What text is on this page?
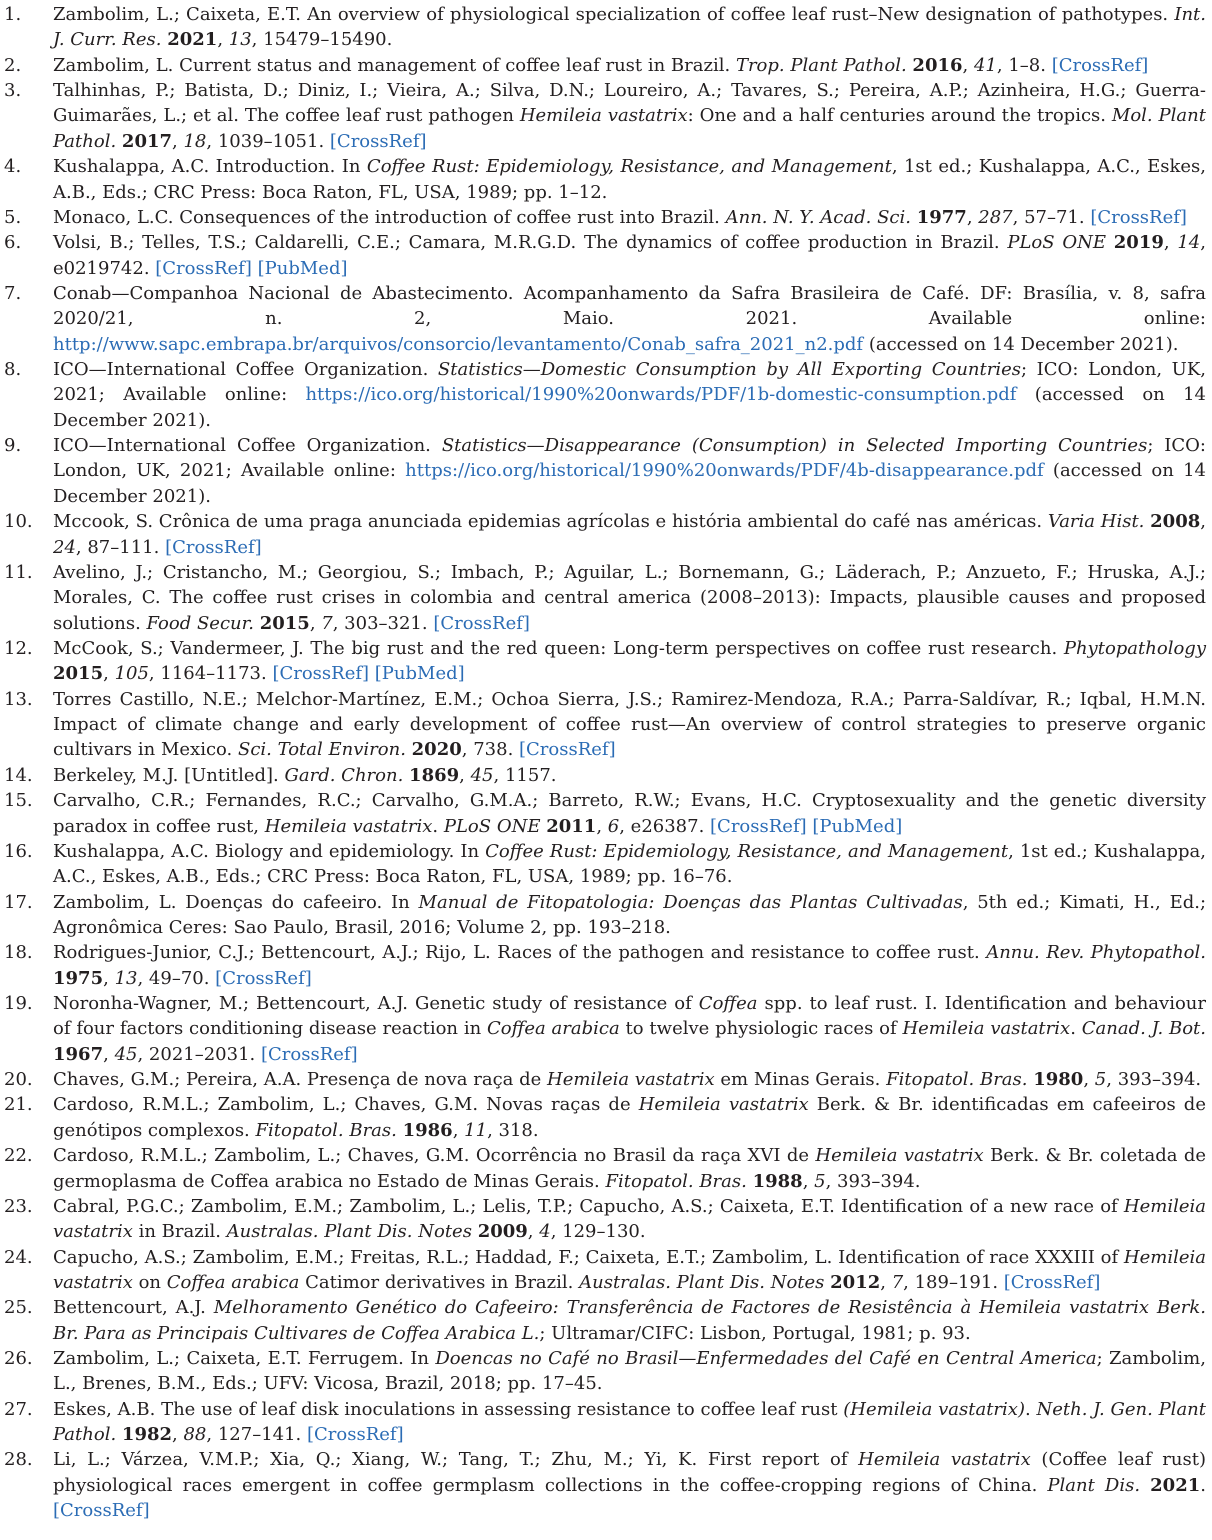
1.	Zambolim, L.; Caixeta, E.T. An overview of physiological specialization of coffee leaf rust–New designation of pathotypes. Int. J. Curr. Res. 2021, 13, 15479–15490.
2.	Zambolim, L. Current status and management of coffee leaf rust in Brazil. Trop. Plant Pathol. 2016, 41, 1–8. [CrossRef]
3.	Talhinhas, P.; Batista, D.; Diniz, I.; Vieira, A.; Silva, D.N.; Loureiro, A.; Tavares, S.; Pereira, A.P.; Azinheira, H.G.; Guerra-Guimarães, L.; et al. The coffee leaf rust pathogen Hemileia vastatrix: One and a half centuries around the tropics. Mol. Plant Pathol. 2017, 18, 1039–1051. [CrossRef]
4.	Kushalappa, A.C. Introduction. In Coffee Rust: Epidemiology, Resistance, and Management, 1st ed.; Kushalappa, A.C., Eskes, A.B., Eds.; CRC Press: Boca Raton, FL, USA, 1989; pp. 1–12.
5.	Monaco, L.C. Consequences of the introduction of coffee rust into Brazil. Ann. N. Y. Acad. Sci. 1977, 287, 57–71. [CrossRef]
6.	Volsi, B.; Telles, T.S.; Caldarelli, C.E.; Camara, M.R.G.D. The dynamics of coffee production in Brazil. PLoS ONE 2019, 14, e0219742. [CrossRef] [PubMed]
7.	Conab—Companhoa Nacional de Abastecimento. Acompanhamento da Safra Brasileira de Café. DF: Brasília, v. 8, safra 2020/21, n. 2, Maio. 2021. Available online: http://www.sapc.embrapa.br/arquivos/consorcio/levantamento/Conab_safra_2021_n2.pdf (accessed on 14 December 2021).
8.	ICO—International Coffee Organization. Statistics—Domestic Consumption by All Exporting Countries; ICO: London, UK, 2021; Available online: https://ico.org/historical/1990%20onwards/PDF/1b-domestic-consumption.pdf (accessed on 14 December 2021).
9.	ICO—International Coffee Organization. Statistics—Disappearance (Consumption) in Selected Importing Countries; ICO: London, UK, 2021; Available online: https://ico.org/historical/1990%20onwards/PDF/4b-disappearance.pdf (accessed on 14 December 2021).
10.	Mccook, S. Crônica de uma praga anunciada epidemias agrícolas e história ambiental do café nas américas. Varia Hist. 2008, 24, 87–111. [CrossRef]
11.	Avelino, J.; Cristancho, M.; Georgiou, S.; Imbach, P.; Aguilar, L.; Bornemann, G.; Läderach, P.; Anzueto, F.; Hruska, A.J.; Morales, C. The coffee rust crises in colombia and central america (2008–2013): Impacts, plausible causes and proposed solutions. Food Secur. 2015, 7, 303–321. [CrossRef]
12.	McCook, S.; Vandermeer, J. The big rust and the red queen: Long-term perspectives on coffee rust research. Phytopathology 2015, 105, 1164–1173. [CrossRef] [PubMed]
13.	Torres Castillo, N.E.; Melchor-Martínez, E.M.; Ochoa Sierra, J.S.; Ramirez-Mendoza, R.A.; Parra-Saldívar, R.; Iqbal, H.M.N. Impact of climate change and early development of coffee rust—An overview of control strategies to preserve organic cultivars in Mexico. Sci. Total Environ. 2020, 738. [CrossRef]
14.	Berkeley, M.J. [Untitled]. Gard. Chron. 1869, 45, 1157.
15.	Carvalho, C.R.; Fernandes, R.C.; Carvalho, G.M.A.; Barreto, R.W.; Evans, H.C. Cryptosexuality and the genetic diversity paradox in coffee rust, Hemileia vastatrix. PLoS ONE 2011, 6, e26387. [CrossRef] [PubMed]
16.	Kushalappa, A.C. Biology and epidemiology. In Coffee Rust: Epidemiology, Resistance, and Management, 1st ed.; Kushalappa, A.C., Eskes, A.B., Eds.; CRC Press: Boca Raton, FL, USA, 1989; pp. 16–76.
17.	Zambolim, L. Doenças do cafeeiro. In Manual de Fitopatologia: Doenças das Plantas Cultivadas, 5th ed.; Kimati, H., Ed.; Agronômica Ceres: Sao Paulo, Brasil, 2016; Volume 2, pp. 193–218.
18.	Rodrigues-Junior, C.J.; Bettencourt, A.J.; Rijo, L. Races of the pathogen and resistance to coffee rust. Annu. Rev. Phytopathol. 1975, 13, 49–70. [CrossRef]
19.	Noronha-Wagner, M.; Bettencourt, A.J. Genetic study of resistance of Coffea spp. to leaf rust. I. Identification and behaviour of four factors conditioning disease reaction in Coffea arabica to twelve physiologic races of Hemileia vastatrix. Canad. J. Bot. 1967, 45, 2021–2031. [CrossRef]
20.	Chaves, G.M.; Pereira, A.A. Presença de nova raça de Hemileia vastatrix em Minas Gerais. Fitopatol. Bras. 1980, 5, 393–394.
21.	Cardoso, R.M.L.; Zambolim, L.; Chaves, G.M. Novas raças de Hemileia vastatrix Berk. & Br. identificadas em cafeeiros de genótipos complexos. Fitopatol. Bras. 1986, 11, 318.
22.	Cardoso, R.M.L.; Zambolim, L.; Chaves, G.M. Ocorrência no Brasil da raça XVI de Hemileia vastatrix Berk. & Br. coletada de germoplasma de Coffea arabica no Estado de Minas Gerais. Fitopatol. Bras. 1988, 5, 393–394.
23.	Cabral, P.G.C.; Zambolim, E.M.; Zambolim, L.; Lelis, T.P.; Capucho, A.S.; Caixeta, E.T. Identification of a new race of Hemileia vastatrix in Brazil. Australas. Plant Dis. Notes 2009, 4, 129–130.
24.	Capucho, A.S.; Zambolim, E.M.; Freitas, R.L.; Haddad, F.; Caixeta, E.T.; Zambolim, L. Identification of race XXXIII of Hemileia vastatrix on Coffea arabica Catimor derivatives in Brazil. Australas. Plant Dis. Notes 2012, 7, 189–191. [CrossRef]
25.	Bettencourt, A.J. Melhoramento Genético do Cafeeiro: Transferência de Factores de Resistência à Hemileia vastatrix Berk. Br. Para as Principais Cultivares de Coffea Arabica L.; Ultramar/CIFC: Lisbon, Portugal, 1981; p. 93.
26.	Zambolim, L.; Caixeta, E.T. Ferrugem. In Doencas no Café no Brasil—Enfermedades del Café en Central America; Zambolim, L., Brenes, B.M., Eds.; UFV: Vicosa, Brazil, 2018; pp. 17–45.
27.	Eskes, A.B. The use of leaf disk inoculations in assessing resistance to coffee leaf rust (Hemileia vastatrix). Neth. J. Gen. Plant Pathol. 1982, 88, 127–141. [CrossRef]
28.	Li, L.; Várzea, V.M.P.; Xia, Q.; Xiang, W.; Tang, T.; Zhu, M.; Yi, K. First report of Hemileia vastatrix (Coffee leaf rust) physiological races emergent in coffee germplasm collections in the coffee-cropping regions of China. Plant Dis. 2021. [CrossRef]
